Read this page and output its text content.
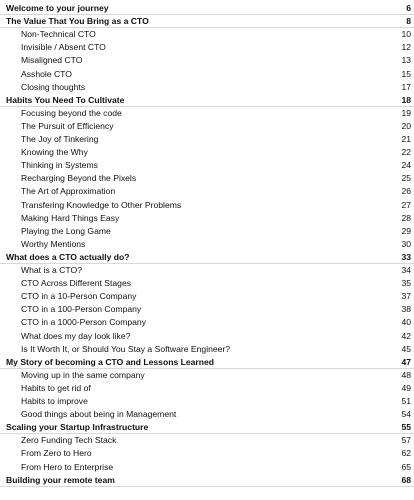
Welcome to your journey	6
The Value That You Bring as a CTO	8
Non-Technical CTO	10
Invisible / Absent CTO	12
Misaligned CTO	13
Asshole CTO	15
Closing thoughts	17
Habits You Need To Cultivate	18
Focusing beyond the code	19
The Pursuit of Efficiency	20
The Joy of Tinkering	21
Knowing the Why	22
Thinking in Systems	24
Recharging Beyond the Pixels	25
The Art of Approximation	26
Transfering Knowledge to Other Problems	27
Making Hard Things Easy	28
Playing the Long Game	29
Worthy Mentions	30
What does a CTO actually do?	33
What is a CTO?	34
CTO Across Different Stages	35
CTO in a 10-Person Company	37
CTO in a 100-Person Company	38
CTO in a 1000-Person Company	40
What does my day look like?	42
Is It Worth It, or Should You Stay a Software Engineer?	45
My Story of becoming a CTO and Lessons Learned	47
Moving up in the same company	48
Habits to get rid of	49
Habits to improve	51
Good things about being in Management	54
Scaling your Startup Infrastructure	55
Zero Funding Tech Stack	57
From Zero to Hero	62
From Hero to Enterprise	65
Building your remote team	68
